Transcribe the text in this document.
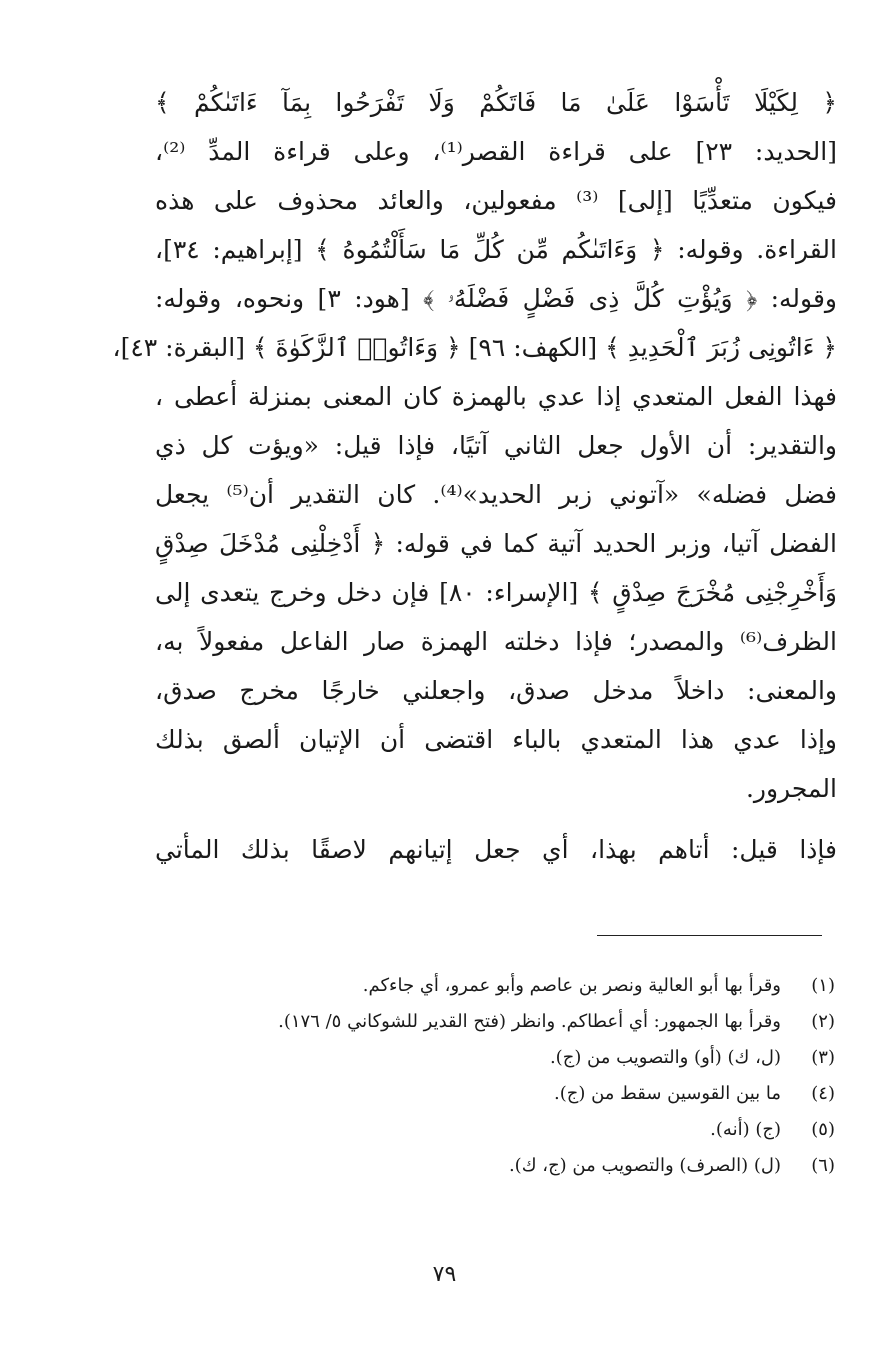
﴿ لِكَيْلَا تَأْسَوْا عَلَىٰ مَا فَاتَكُمْ وَلَا تَفْرَحُوا بِمَآ ءَاتَىٰكُمْ ﴾
[الحديد: ٢٣] على قراءة القصر⁽¹⁾، وعلى قراءة المدِّ ⁽²⁾،
فيكون متعدِّيًا [إلى] ⁽³⁾ مفعولين، والعائد محذوف على هذه
القراءة. وقوله: ﴿ وَءَاتَىٰكُم مِّن كُلِّ مَا سَأَلْتُمُوهُ ﴾ [إبراهيم: ٣٤]،
وقوله: ﴿ وَيُؤْتِ كُلَّ ذِى فَضْلٍ فَضْلَهُۥ ﴾ [هود: ٣] ونحوه، وقوله:
﴿ ءَاتُونِى زُبَرَ ٱلْحَدِيدِ ﴾ [الكهف: ٩٦] ﴿ وَءَاتُوا۟ ٱلزَّكَوٰةَ ﴾ [البقرة: ٤٣]،
فهذا الفعل المتعدي إذا عدي بالهمزة كان المعنى بمنزلة أعطى ،
والتقدير: أن الأول جعل الثاني آتيًا، فإذا قيل: «ويؤت كل ذي
فضل فضله» «آتوني زبر الحديد»⁽⁴⁾. كان التقدير أن⁽⁵⁾ يجعل
الفضل آتيا، وزبر الحديد آتية كما في قوله: ﴿ أَدْخِلْنِى مُدْخَلَ صِدْقٍ
وَأَخْرِجْنِى مُخْرَجَ صِدْقٍ ﴾ [الإسراء: ٨٠] فإن دخل وخرج يتعدى إلى
الظرف⁽⁶⁾ والمصدر؛ فإذا دخلته الهمزة صار الفاعل مفعولاً به،
والمعنى: داخلاً مدخل صدق، واجعلني خارجًا مخرج صدق،
وإذا عدي هذا المتعدي بالباء اقتضى أن الإتيان ألصق بذلك
المجرور.
فإذا قيل: أتاهم بهذا، أي جعل إتيانهم لاصقًا بذلك المأتي
(١)
وقرأ بها أبو العالية ونصر بن عاصم وأبو عمرو، أي جاءكم.
(٢)
وقرأ بها الجمهور: أي أعطاكم. وانظر (فتح القدير للشوكاني ٥/ ١٧٦).
(٣)
(ل، ك) (أو) والتصويب من (ج).
(٤)
ما بين القوسين سقط من (ج).
(٥)
(ج) (أنه).
(٦)
(ل) (الصرف) والتصويب من (ج، ك).
٧٩
